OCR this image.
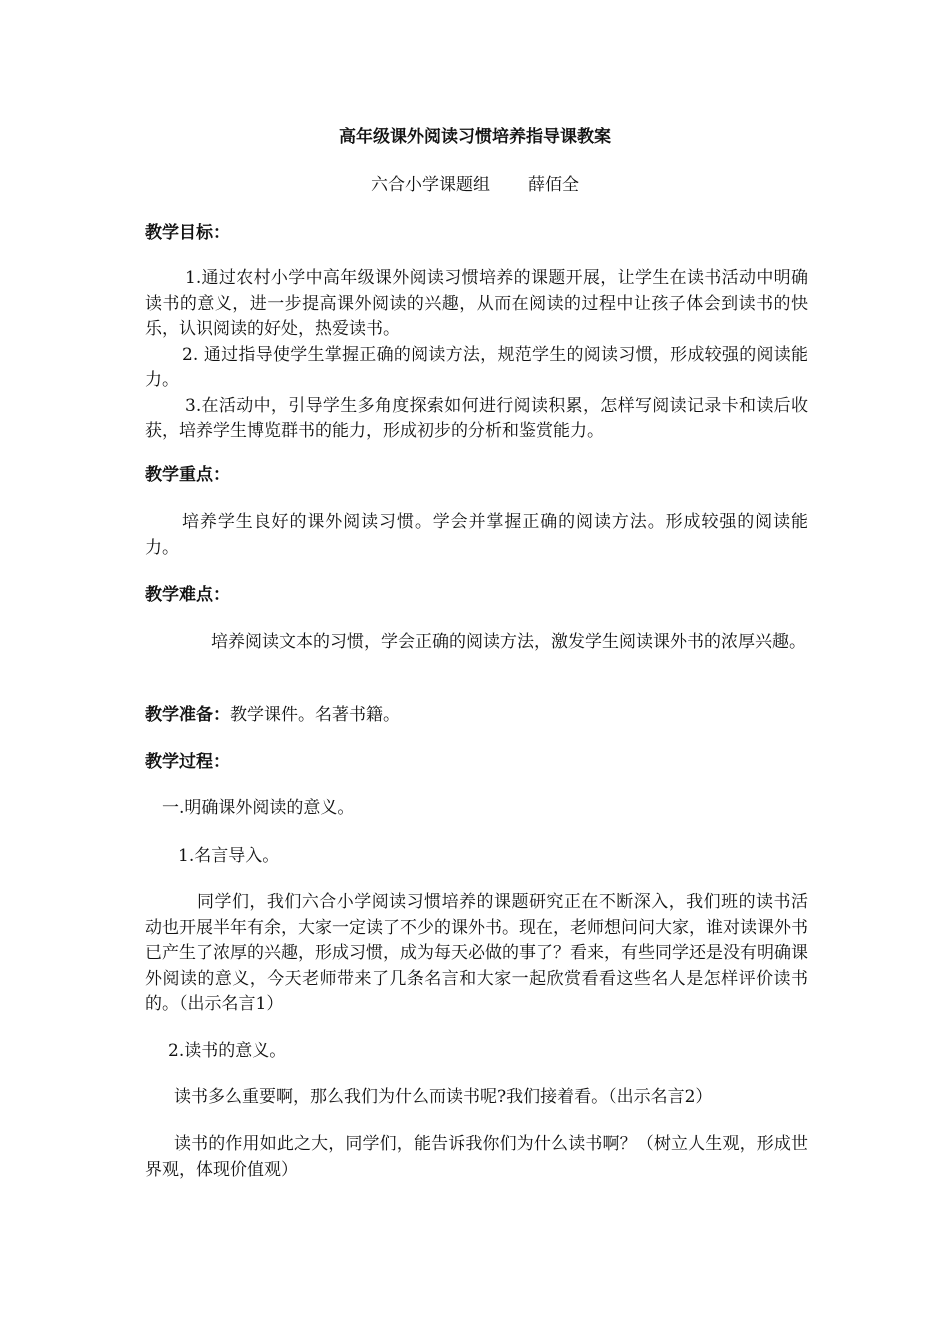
高年级课外阅读习惯培养指导课教案
六合小学课题组 薛佰全
教学目标：

1.通过农村小学中高年级课外阅读习惯培养的课题开展，让学生在读书活动中明确读书的意义，进一步提高课外阅读的兴趣，从而在阅读的过程中让孩子体会到读书的快乐，认识阅读的好处，热爱读书。

2. 通过指导使学生掌握正确的阅读方法，规范学生的阅读习惯，形成较强的阅读能力。

3.在活动中，引导学生多角度探索如何进行阅读积累，怎样写阅读记录卡和读后收获，培养学生博览群书的能力，形成初步的分析和鉴赏能力。

教学重点：

培养学生良好的课外阅读习惯。学会并掌握正确的阅读方法。形成较强的阅读能力。

教学难点：

培养阅读文本的习惯，学会正确的阅读方法，激发学生阅读课外书的浓厚兴趣。

教学准备：教学课件。名著书籍。
教学过程：

一.明确课外阅读的意义。

1.名言导入。

同学们，我们六合小学阅读习惯培养的课题研究正在不断深入，我们班的读书活动也开展半年有余，大家一定读了不少的课外书。现在，老师想问问大家，谁对读课外书已产生了浓厚的兴趣，形成习惯，成为每天必做的事了？看来，有些同学还是没有明确课外阅读的意义，今天老师带来了几条名言和大家一起欣赏看看这些名人是怎样评价读书的。（出示名言1）

2.读书的意义。

读书多么重要啊，那么我们为什么而读书呢?我们接着看。（出示名言2）

读书的作用如此之大，同学们，能告诉我你们为什么读书啊？（树立人生观，形成世界观，体现价值观）
